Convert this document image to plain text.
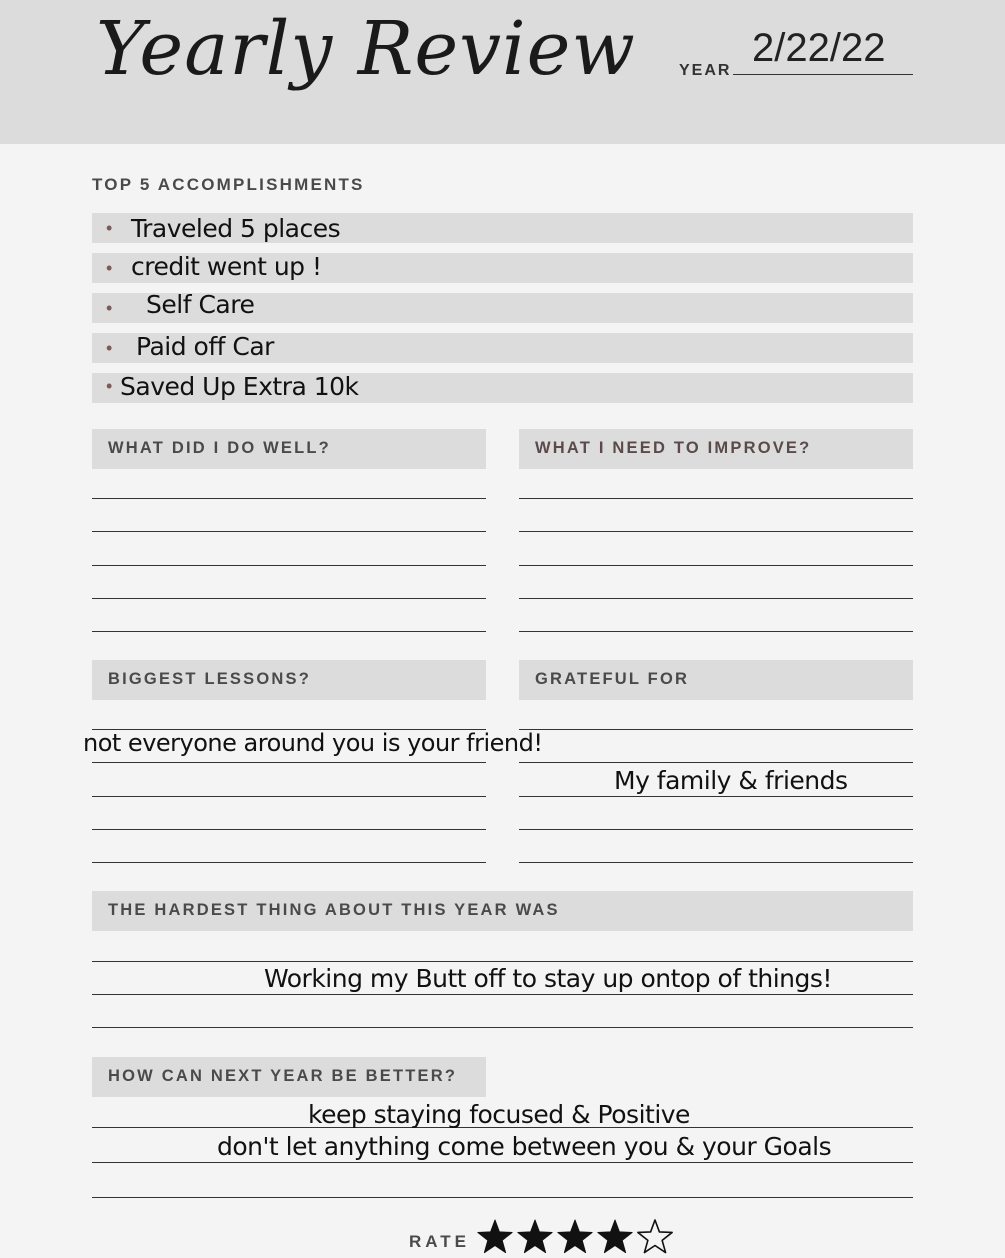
Yearly Review	YEAR
2/22/22
TOP 5 ACCOMPLISHMENTS
• Traveled 5 places
• credit went up !
• Self Care
• Paid off Car
• Saved Up Extra 10k
WHAT DID I DO WELL?	WHAT I NEED TO IMPROVE?
BIGGEST LESSONS?
not everyone around you is your friend!
GRATEFUL FOR
My family & friends
THE HARDEST THING ABOUT THIS YEAR WAS
Working my Butt off to stay up ontop of things!
HOW CAN NEXT YEAR BE BETTER?
keep staying focused & Positive
don't let anything come between you & your Goals
RATE
